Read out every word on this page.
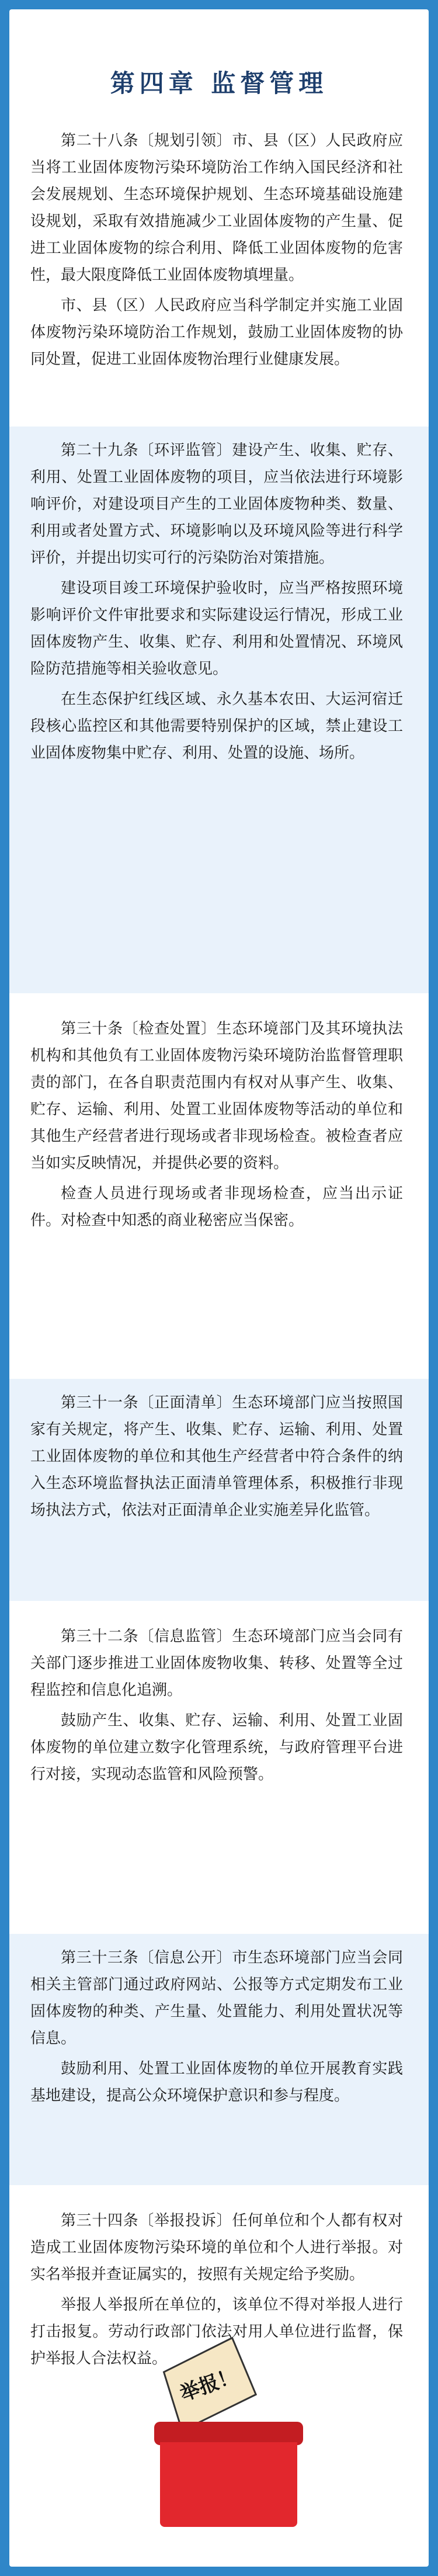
第四章 监督管理

第二十八条〔规划引领〕市、县（区）人民政府应当将工业固体废物污染环境防治工作纳入国民经济和社会发展规划、生态环境保护规划、生态环境基础设施建设规划，采取有效措施减少工业固体废物的产生量、促进工业固体废物的综合利用、降低工业固体废物的危害性，最大限度降低工业固体废物填埋量。

市、县（区）人民政府应当科学制定并实施工业固体废物污染环境防治工作规划，鼓励工业固体废物的协同处置，促进工业固体废物治理行业健康发展。

第二十九条〔环评监管〕建设产生、收集、贮存、利用、处置工业固体废物的项目，应当依法进行环境影响评价，对建设项目产生的工业固体废物种类、数量、利用或者处置方式、环境影响以及环境风险等进行科学评价，并提出切实可行的污染防治对策措施。

建设项目竣工环境保护验收时，应当严格按照环境影响评价文件审批要求和实际建设运行情况，形成工业固体废物产生、收集、贮存、利用和处置情况、环境风险防范措施等相关验收意见。

在生态保护红线区域、永久基本农田、大运河宿迁段核心监控区和其他需要特别保护的区域，禁止建设工业固体废物集中贮存、利用、处置的设施、场所。

第三十条〔检查处置〕生态环境部门及其环境执法机构和其他负有工业固体废物污染环境防治监督管理职责的部门，在各自职责范围内有权对从事产生、收集、贮存、运输、利用、处置工业固体废物等活动的单位和其他生产经营者进行现场或者非现场检查。被检查者应当如实反映情况，并提供必要的资料。

检查人员进行现场或者非现场检查，应当出示证件。对检查中知悉的商业秘密应当保密。

第三十一条〔正面清单〕生态环境部门应当按照国家有关规定，将产生、收集、贮存、运输、利用、处置工业固体废物的单位和其他生产经营者中符合条件的纳入生态环境监督执法正面清单管理体系，积极推行非现场执法方式，依法对正面清单企业实施差异化监管。

第三十二条〔信息监管〕生态环境部门应当会同有关部门逐步推进工业固体废物收集、转移、处置等全过程监控和信息化追溯。

鼓励产生、收集、贮存、运输、利用、处置工业固体废物的单位建立数字化管理系统，与政府管理平台进行对接，实现动态监管和风险预警。

第三十三条〔信息公开〕市生态环境部门应当会同相关主管部门通过政府网站、公报等方式定期发布工业固体废物的种类、产生量、处置能力、利用处置状况等信息。

鼓励利用、处置工业固体废物的单位开展教育实践基地建设，提高公众环境保护意识和参与程度。

第三十四条〔举报投诉〕任何单位和个人都有权对造成工业固体废物污染环境的单位和个人进行举报。对实名举报并查证属实的，按照有关规定给予奖励。

举报人举报所在单位的，该单位不得对举报人进行打击报复。劳动行政部门依法对用人单位进行监督，保护举报人合法权益。

举报！
